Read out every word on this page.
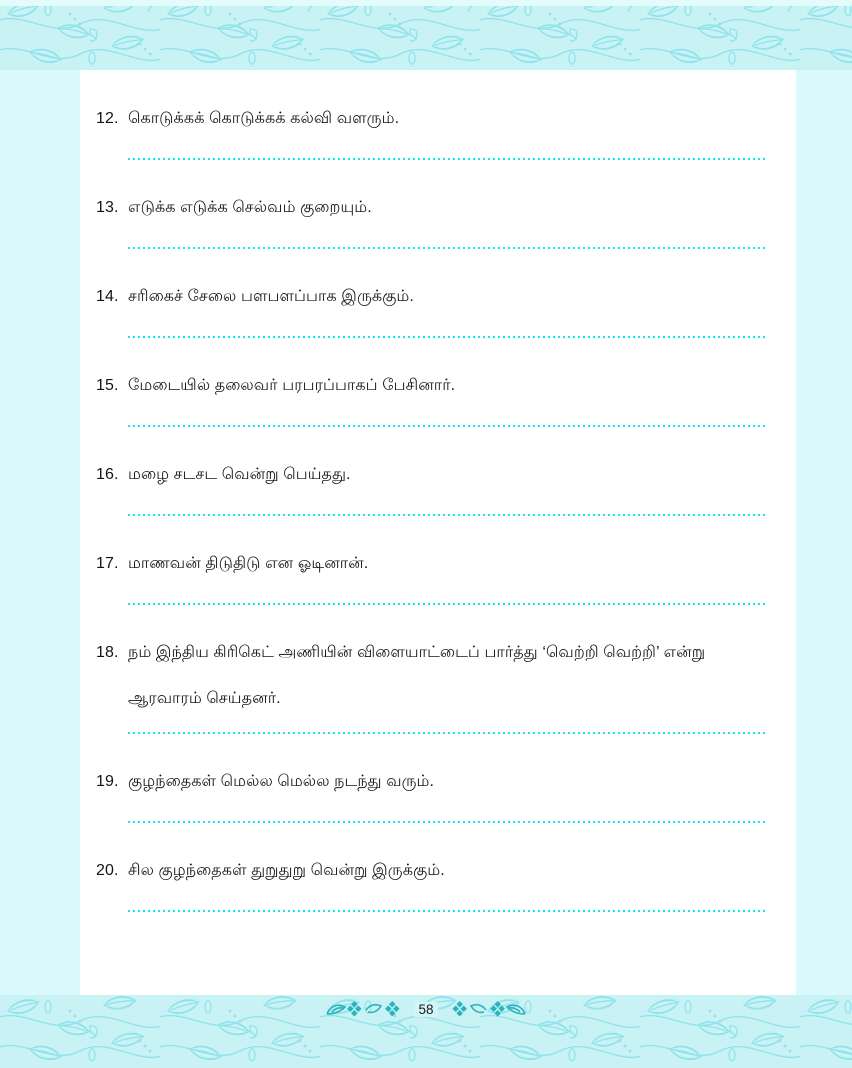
12. கொடுக்கக் கொடுக்கக் கல்வி வளரும்.
13. எடுக்க எடுக்க செல்வம் குறையும்.
14. சரிகைச் சேலை பளபளப்பாக இருக்கும்.
15. மேடையில் தலைவர் பரபரப்பாகப் பேசினார்.
16. மழை சடசட வென்று பெய்தது.
17. மாணவன் திடுதிடு என ஓடினான்.
18. நம் இந்திய கிரிகெட் அணியின் விளையாட்டைப் பார்த்து ‘வெற்றி வெற்றி’ என்று ஆரவாரம் செய்தனர்.
19. குழந்தைகள் மெல்ல மெல்ல நடந்து வரும்.
20. சில குழந்தைகள் துறுதுறு வென்று இருக்கும்.
58
